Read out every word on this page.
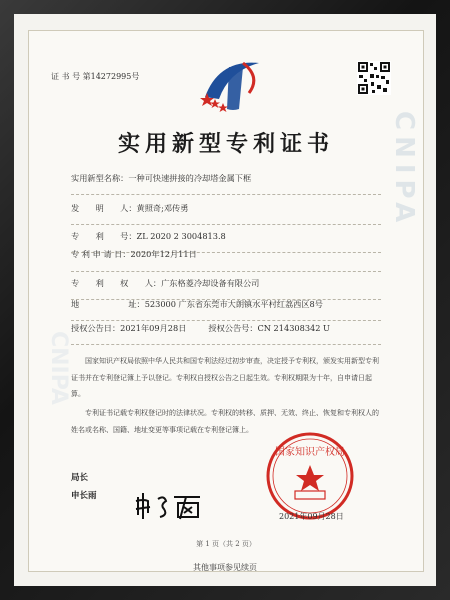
CNIPA
CNIPA
证 书 号 第14272995号
实用新型专利证书
实用新型名称：一种可快速拼接的冷却塔金属下框
发　　明　　人：黄照奇;邓传勇
专　　利　　号：ZL 2020 2 3004813.8
专 利 申 请 日：2020年12月11日
专　　利　　权　　人：广东格菱冷却设备有限公司
地　　　　　　址：523000 广东省东莞市大朗镇水平村红荔西区8号
授权公告日：2021年09月28日	授权公告号：CN 214308342 U
国家知识产权局依照中华人民共和国专利法经过初步审查，决定授予专利权，颁发实用新型专利证书并在专利登记簿上予以登记。专利权自授权公告之日起生效。专利权期限为十年，自申请日起算。
专利证书记载专利权登记时的法律状况。专利权的转移、质押、无效、终止、恢复和专利权人的姓名或名称、国籍、地址变更等事项记载在专利登记簿上。
局长
申长雨
国家知识产权局
2021年09月28日
第 1 页（共 2 页）
其他事项参见续页
